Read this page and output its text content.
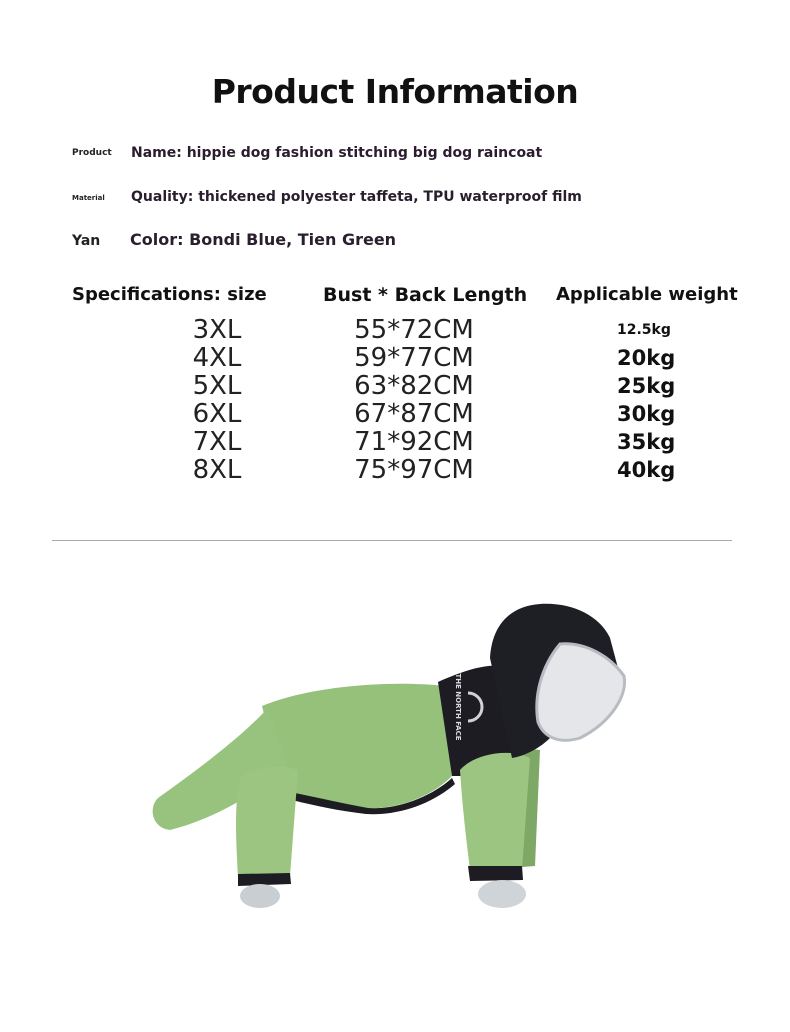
Product Information
Product Name: hippie dog fashion stitching big dog raincoat
Material Quality: thickened polyester taffeta, TPU waterproof film
Yan Color: Bondi Blue, Tien Green
Specifications: size	Bust * Back Length Applicable weight
3XL
4XL
5XL
6XL
7XL
8XL
55*72CM
59*77CM
63*82CM
67*87CM
71*92CM
75*97CM
12.5kg
20kg
25kg
30kg
35kg
40kg
THE NORTH FACE
